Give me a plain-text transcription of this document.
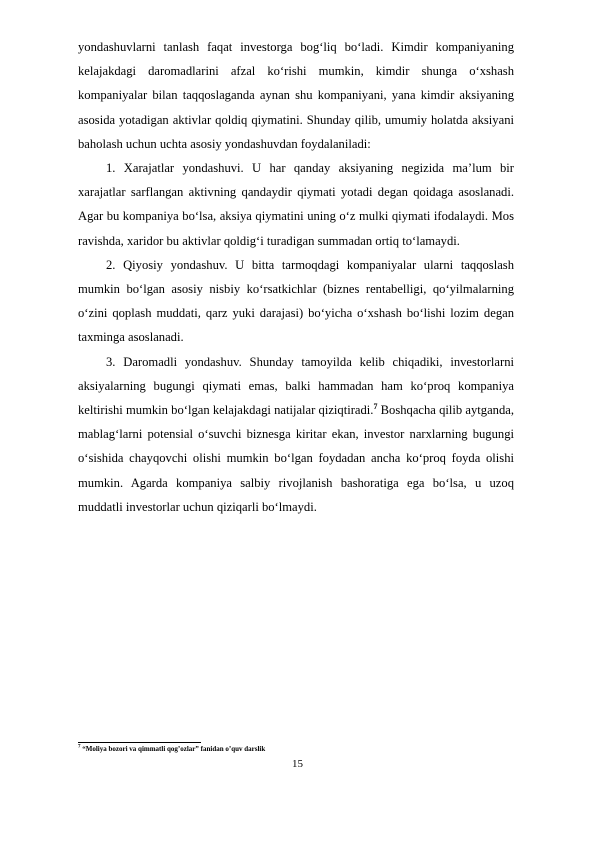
yondashuvlarni tanlash faqat investorga bog‘liq bo‘ladi. Kimdir kompaniyaning kelajakdagi daromadlarini afzal ko‘rishi mumkin, kimdir shunga o‘xshash kompaniyalar bilan taqqoslaganda aynan shu kompaniyani, yana kimdir aksiyaning asosida yotadigan aktivlar qoldiq qiymatini. Shunday qilib, umumiy holatda aksiyani baholash uchun uchta asosiy yondashuvdan foydalaniladi:

1. Xarajatlar yondashuvi. U har qanday aksiyaning negizida ma’lum bir xarajatlar sarflangan aktivning qandaydir qiymati yotadi degan qoidaga asoslanadi. Agar bu kompaniya bo‘lsa, aksiya qiymatini uning o‘z mulki qiymati ifodalaydi. Mos ravishda, xaridor bu aktivlar qoldig‘i turadigan summadan ortiq to‘lamaydi.

2. Qiyosiy yondashuv. U bitta tarmoqdagi kompaniyalar ularni taqqoslash mumkin bo‘lgan asosiy nisbiy ko‘rsatkichlar (biznes rentabelligi, qo‘yilmalarning o‘zini qoplash muddati, qarz yuki darajasi) bo‘yicha o‘xshash bo‘lishi lozim degan taxminga asoslanadi.

3. Daromadli yondashuv. Shunday tamoyilda kelib chiqadiki, investorlarni aksiyalarning bugungi qiymati emas, balki hammadan ham ko‘proq kompaniya keltirishi mumkin bo‘lgan kelajakdagi natijalar qiziqtiradi.$^7$ Boshqacha qilib aytganda, mablag‘larni potensial o‘suvchi biznesga kiritar ekan, investor narxlarning bugungi o‘sishida chayqovchi olishi mumkin bo‘lgan foydadan ancha ko‘proq foyda olishi mumkin. Agarda kompaniya salbiy rivojlanish bashoratiga ega bo‘lsa, u uzoq muddatli investorlar uchun qiziqarli bo‘lmaydi.

$^7$ “Moliya bozori va qimmatli qog’ozlar” fanidan o’quv darslik
15
